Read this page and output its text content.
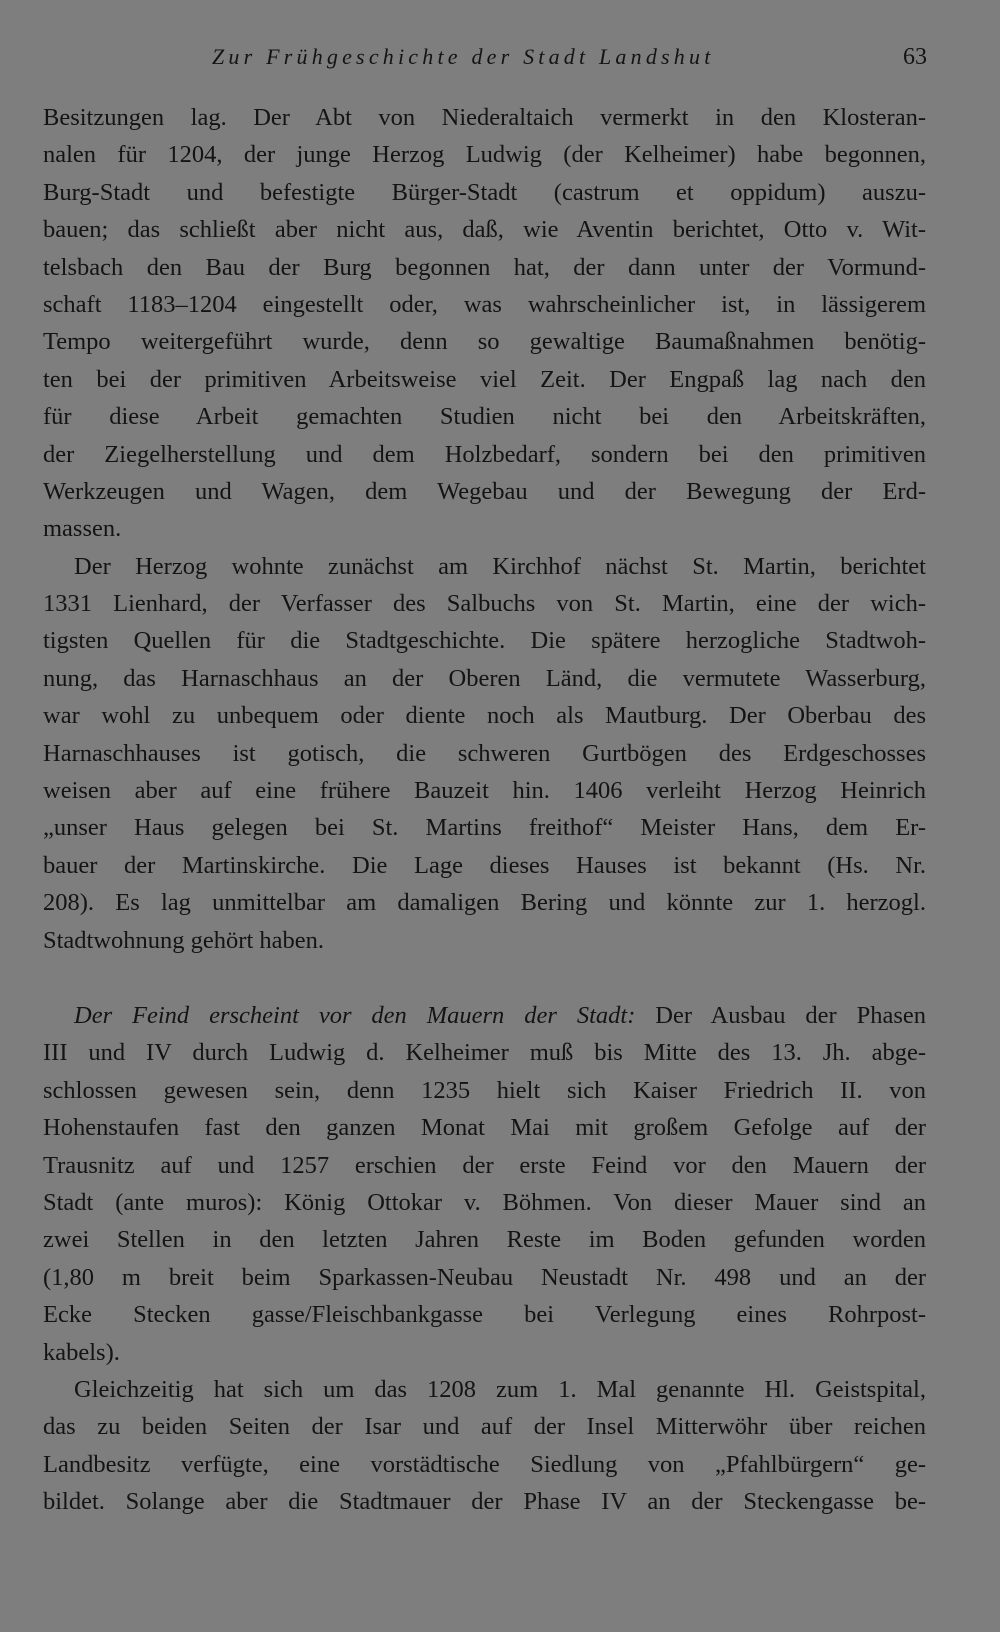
Zur Frühgeschichte der Stadt Landshut	63
Besitzungen lag. Der Abt von Niederaltaich vermerkt in den Klosteran-
nalen für 1204, der junge Herzog Ludwig (der Kelheimer) habe begonnen,
Burg-Stadt und befestigte Bürger-Stadt (castrum et oppidum) auszu-
bauen; das schließt aber nicht aus, daß, wie Aventin berichtet, Otto v. Wit-
telsbach den Bau der Burg begonnen hat, der dann unter der Vormund-
schaft 1183–1204 eingestellt oder, was wahrscheinlicher ist, in lässigerem
Tempo weitergeführt wurde, denn so gewaltige Baumaßnahmen benötig-
ten bei der primitiven Arbeitsweise viel Zeit. Der Engpaß lag nach den
für diese Arbeit gemachten Studien nicht bei den Arbeitskräften,
der Ziegelherstellung und dem Holzbedarf, sondern bei den primitiven
Werkzeugen und Wagen, dem Wegebau und der Bewegung der Erd-
massen.
Der Herzog wohnte zunächst am Kirchhof nächst St. Martin, berichtet
1331 Lienhard, der Verfasser des Salbuchs von St. Martin, eine der wich-
tigsten Quellen für die Stadtgeschichte. Die spätere herzogliche Stadtwoh-
nung, das Harnaschhaus an der Oberen Länd, die vermutete Wasserburg,
war wohl zu unbequem oder diente noch als Mautburg. Der Oberbau des
Harnaschhauses ist gotisch, die schweren Gurtbögen des Erdgeschosses
weisen aber auf eine frühere Bauzeit hin. 1406 verleiht Herzog Heinrich
„unser Haus gelegen bei St. Martins freithof“ Meister Hans, dem Er-
bauer der Martinskirche. Die Lage dieses Hauses ist bekannt (Hs. Nr.
208). Es lag unmittelbar am damaligen Bering und könnte zur 1. herzogl.
Stadtwohnung gehört haben.
Der Feind erscheint vor den Mauern der Stadt: Der Ausbau der Phasen
III und IV durch Ludwig d. Kelheimer muß bis Mitte des 13. Jh. abge-
schlossen gewesen sein, denn 1235 hielt sich Kaiser Friedrich II. von
Hohenstaufen fast den ganzen Monat Mai mit großem Gefolge auf der
Trausnitz auf und 1257 erschien der erste Feind vor den Mauern der
Stadt (ante muros): König Ottokar v. Böhmen. Von dieser Mauer sind an
zwei Stellen in den letzten Jahren Reste im Boden gefunden worden
(1,80 m breit beim Sparkassen-Neubau Neustadt Nr. 498 und an der
Ecke Stecken gasse/Fleischbankgasse bei Verlegung eines Rohrpost-
kabels).
Gleichzeitig hat sich um das 1208 zum 1. Mal genannte Hl. Geistspital,
das zu beiden Seiten der Isar und auf der Insel Mitterwöhr über reichen
Landbesitz verfügte, eine vorstädtische Siedlung von „Pfahlbürgern“ ge-
bildet. Solange aber die Stadtmauer der Phase IV an der Steckengasse be-
